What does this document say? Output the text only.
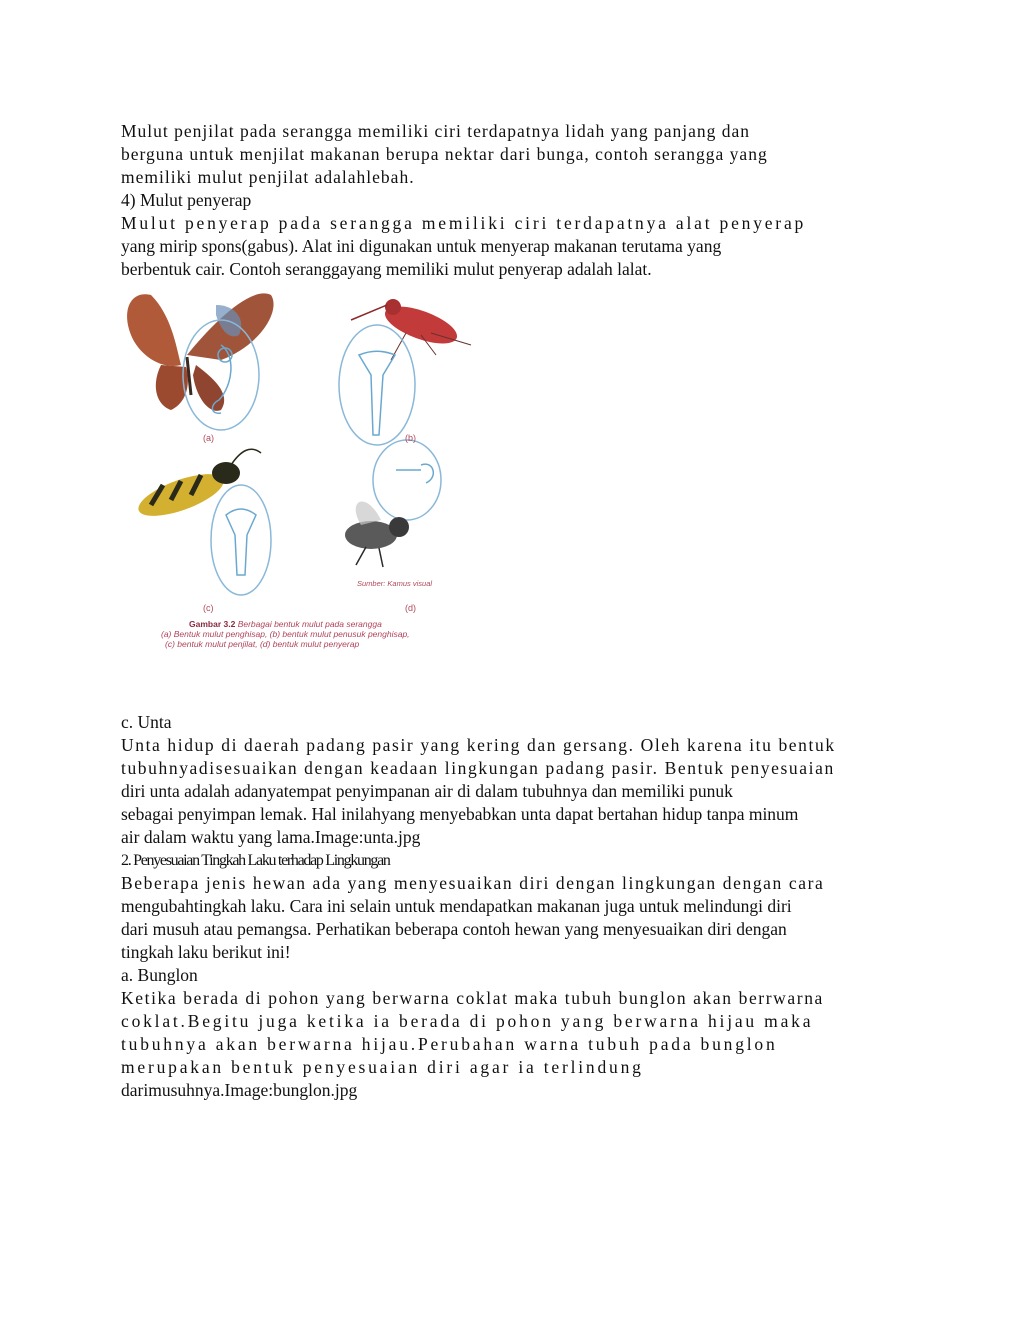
Mulut penjilat pada serangga memiliki ciri terdapatnya lidah yang panjang dan
berguna untuk menjilat makanan berupa nektar dari bunga, contoh serangga yang
memiliki mulut penjilat adalahlebah.
4) Mulut penyerap
Mulut penyerap pada serangga memiliki ciri terdapatnya alat penyerap
yang mirip spons(gabus). Alat ini digunakan untuk menyerap makanan terutama yang
berbentuk cair. Contoh seranggayang memiliki mulut penyerap adalah lalat.
(a)	(b)
(c)	(d)
Sumber: Kamus visual
Gambar 3.2 Berbagai bentuk mulut pada serangga
(a) Bentuk mulut penghisap, (b) bentuk mulut penusuk penghisap,
(c) bentuk mulut penjilat, (d) bentuk mulut penyerap
c. Unta
Unta hidup di daerah padang pasir yang kering dan gersang. Oleh karena itu bentuk
tubuhnyadisesuaikan dengan keadaan lingkungan padang pasir. Bentuk penyesuaian
diri unta adalah adanyatempat penyimpanan air di dalam tubuhnya dan memiliki punuk
sebagai penyimpan lemak. Hal inilahyang menyebabkan unta dapat bertahan hidup tanpa minum
air dalam waktu yang lama.Image:unta.jpg
2. Penyesuaian Tingkah Laku terhadap Lingkungan
Beberapa jenis hewan ada yang menyesuaikan diri dengan lingkungan dengan cara
mengubahtingkah laku. Cara ini selain untuk mendapatkan makanan juga untuk melindungi diri
dari musuh atau pemangsa. Perhatikan beberapa contoh hewan yang menyesuaikan diri dengan
tingkah laku berikut ini!
a. Bunglon
Ketika berada di pohon yang berwarna coklat maka tubuh bunglon akan berrwarna
coklat.Begitu juga ketika ia berada di pohon yang berwarna hijau maka
tubuhnya akan berwarna hijau.Perubahan warna tubuh pada bunglon
merupakan bentuk penyesuaian diri agar ia terlindung
darimusuhnya.Image:bunglon.jpg
